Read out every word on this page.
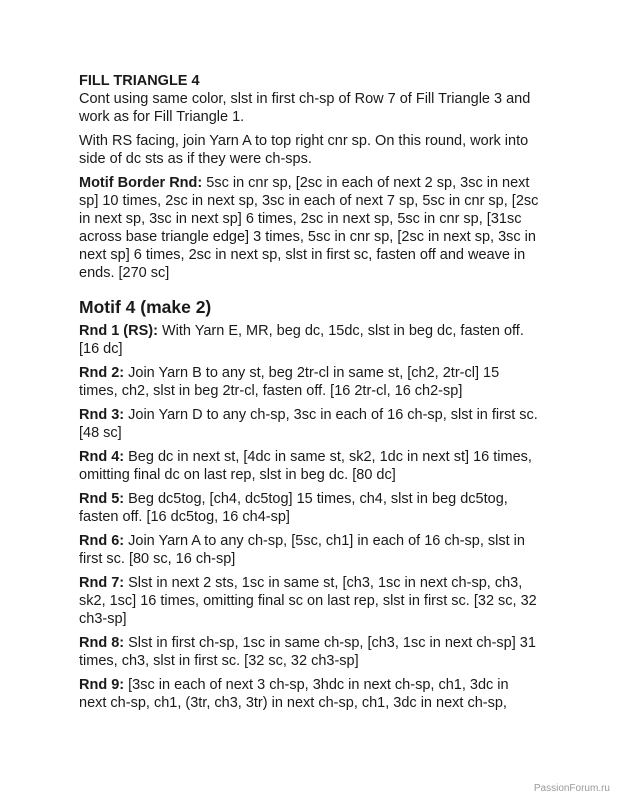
FILL TRIANGLE 4

Cont using same color, slst in first ch-sp of Row 7 of Fill Triangle 3 and work as for Fill Triangle 1.

With RS facing, join Yarn A to top right cnr sp. On this round, work into side of dc sts as if they were ch-sps.

Motif Border Rnd: 5sc in cnr sp, [2sc in each of next 2 sp, 3sc in next sp] 10 times, 2sc in next sp, 3sc in each of next 7 sp, 5sc in cnr sp, [2sc in next sp, 3sc in next sp] 6 times, 2sc in next sp, 5sc in cnr sp, [31sc across base triangle edge] 3 times, 5sc in cnr sp, [2sc in next sp, 3sc in next sp] 6 times, 2sc in next sp, slst in first sc, fasten off and weave in ends. [270 sc]

Motif 4 (make 2)

Rnd 1 (RS): With Yarn E, MR, beg dc, 15dc, slst in beg dc, fasten off. [16 dc]

Rnd 2: Join Yarn B to any st, beg 2tr-cl in same st, [ch2, 2tr-cl] 15 times, ch2, slst in beg 2tr-cl, fasten off. [16 2tr-cl, 16 ch2-sp]

Rnd 3: Join Yarn D to any ch-sp, 3sc in each of 16 ch-sp, slst in first sc. [48 sc]

Rnd 4: Beg dc in next st, [4dc in same st, sk2, 1dc in next st] 16 times, omitting final dc on last rep, slst in beg dc. [80 dc]

Rnd 5: Beg dc5tog, [ch4, dc5tog] 15 times, ch4, slst in beg dc5tog, fasten off. [16 dc5tog, 16 ch4-sp]

Rnd 6: Join Yarn A to any ch-sp, [5sc, ch1] in each of 16 ch-sp, slst in first sc. [80 sc, 16 ch-sp]

Rnd 7: Slst in next 2 sts, 1sc in same st, [ch3, 1sc in next ch-sp, ch3, sk2, 1sc] 16 times, omitting final sc on last rep, slst in first sc. [32 sc, 32 ch3-sp]

Rnd 8: Slst in first ch-sp, 1sc in same ch-sp, [ch3, 1sc in next ch-sp] 31 times, ch3, slst in first sc. [32 sc, 32 ch3-sp]

Rnd 9: [3sc in each of next 3 ch-sp, 3hdc in next ch-sp, ch1, 3dc in next ch-sp, ch1, (3tr, ch3, 3tr) in next ch-sp, ch1, 3dc in next ch-sp,

PassionForum.ru
